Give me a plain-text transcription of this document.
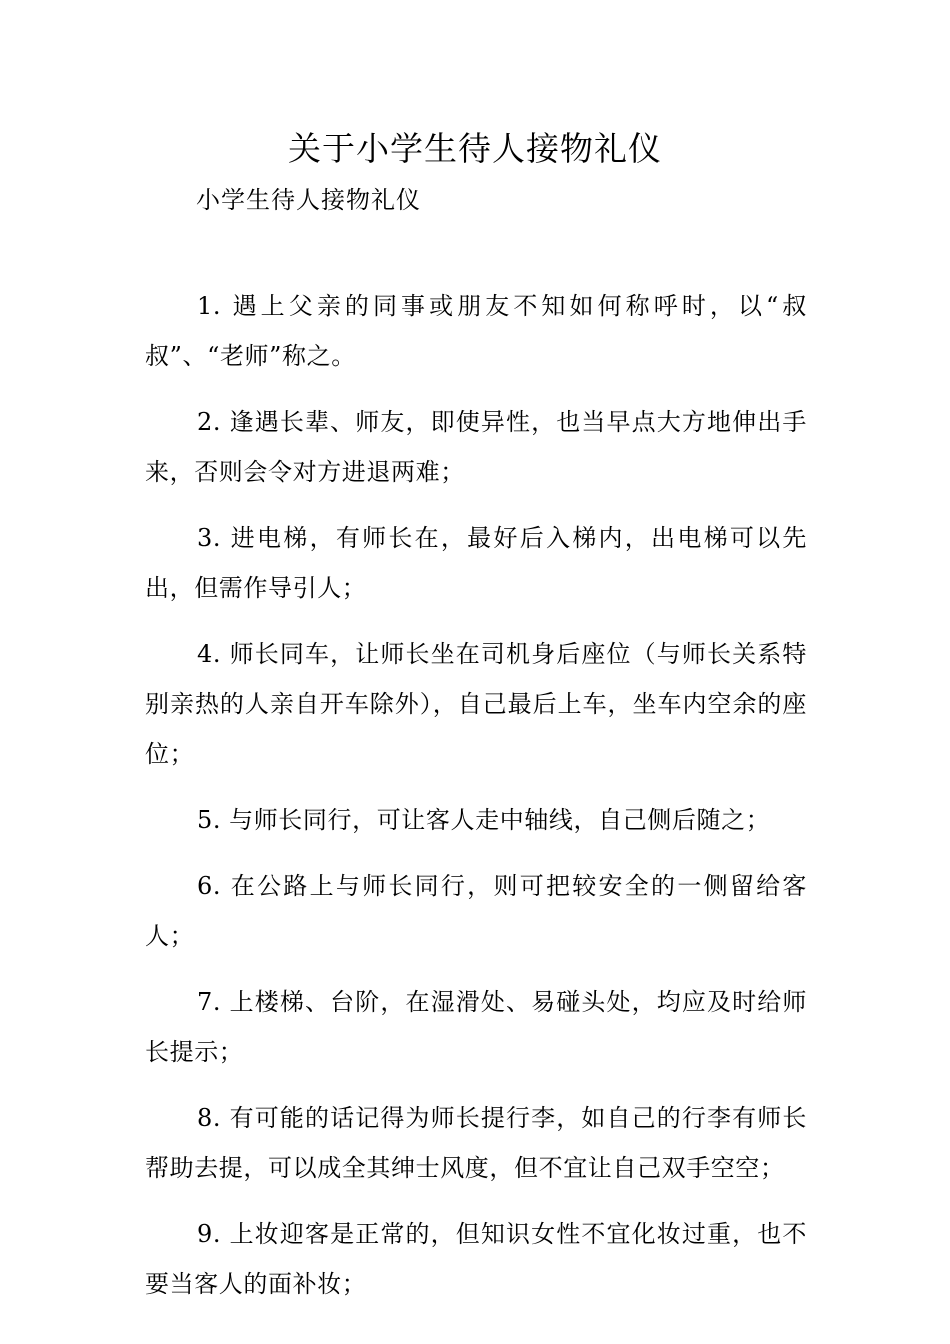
关于小学生待人接物礼仪
小学生待人接物礼仪

1. 遇上父亲的同事或朋友不知如何称呼时，以“叔叔”、“老师”称之。

2. 逢遇长辈、师友，即使异性，也当早点大方地伸出手来，否则会令对方进退两难；

3. 进电梯，有师长在，最好后入梯内，出电梯可以先出，但需作导引人；

4. 师长同车，让师长坐在司机身后座位（与师长关系特别亲热的人亲自开车除外），自己最后上车，坐车内空余的座位；

5. 与师长同行，可让客人走中轴线，自己侧后随之；

6. 在公路上与师长同行，则可把较安全的一侧留给客人；

7. 上楼梯、台阶，在湿滑处、易碰头处，均应及时给师长提示；

8. 有可能的话记得为师长提行李，如自己的行李有师长帮助去提，可以成全其绅士风度，但不宜让自己双手空空；

9. 上妆迎客是正常的，但知识女性不宜化妆过重，也不要当客人的面补妆；
